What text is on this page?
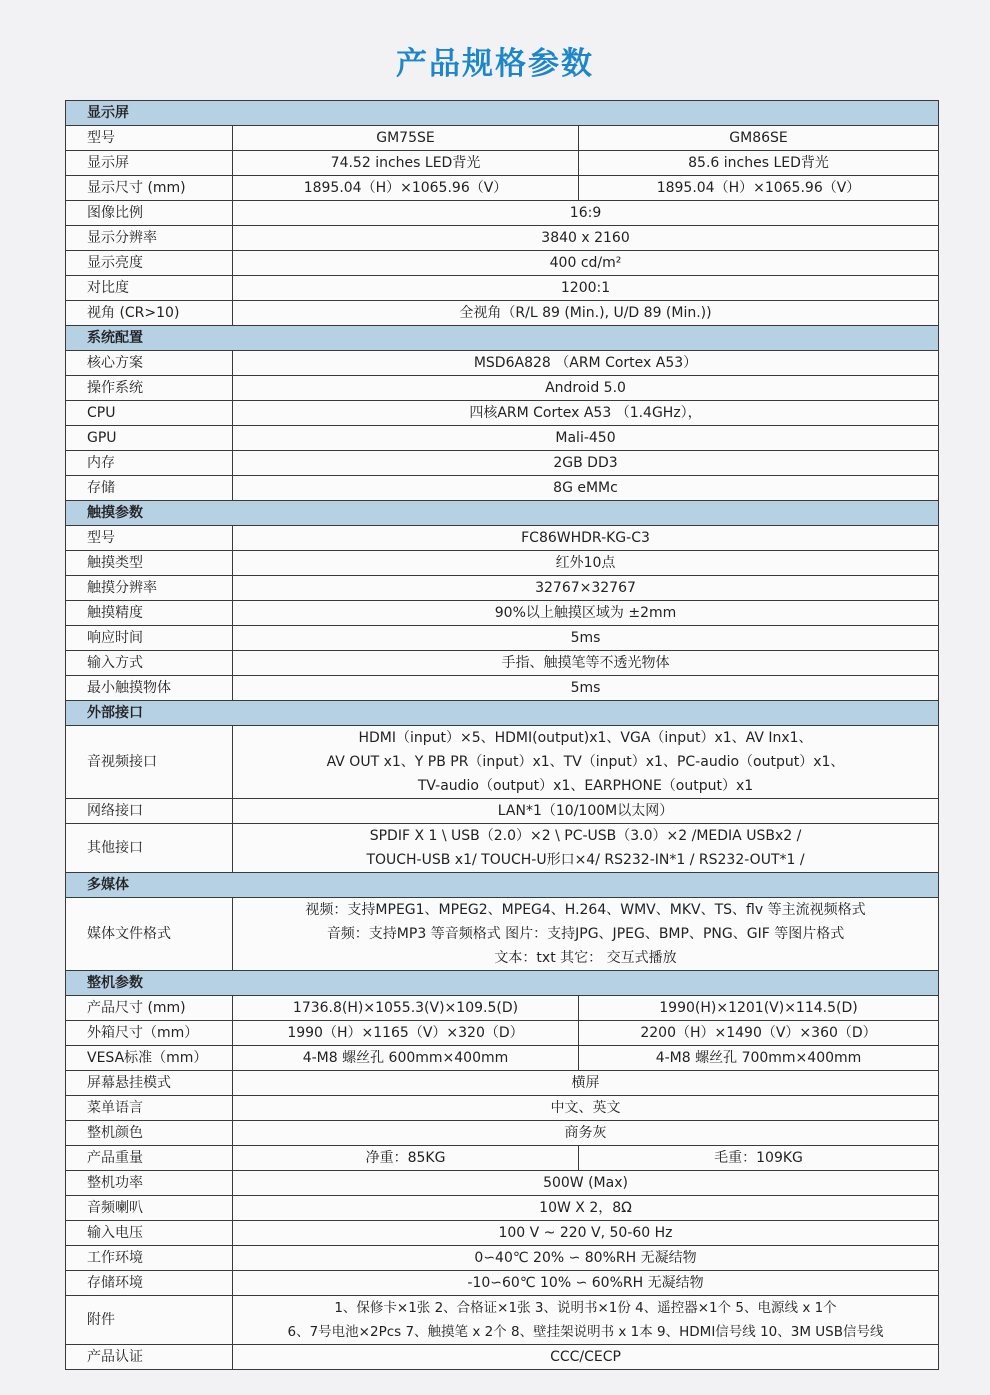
产品规格参数
显示屏		
型号	GM75SE	GM86SE
显示屏	74.52 inches LED背光	85.6 inches LED背光
显示尺寸 (mm)	1895.04（H）×1065.96（V）	1895.04（H）×1065.96（V）
图像比例	16:9	
显示分辨率	3840 x 2160	
显示亮度	400 cd/m²	
对比度	1200:1	
视角 (CR>10)	全视角（R/L 89 (Min.), U/D 89 (Min.))	
系统配置		
核心方案	MSD6A828 （ARM Cortex A53）	
操作系统	Android 5.0	
CPU	四核ARM Cortex A53 （1.4GHz），	
GPU	Mali-450	
内存	2GB DD3	
存储	8G eMMc	
触摸参数		
型号	FC86WHDR-KG-C3	
触摸类型	红外10点	
触摸分辨率	32767×32767	
触摸精度	90%以上触摸区域为 ±2mm	
响应时间	5ms	
输入方式	手指、触摸笔等不透光物体	
最小触摸物体	5ms	
外部接口		
音视频接口	HDMI（input）×5、HDMI(output)x1、VGA（input）x1、AV Inx1、
AV OUT x1、Y PB PR（input）x1、TV（input）x1、PC-audio（output）x1、
TV-audio（output）x1、EARPHONE（output）x1	

网络接口	LAN*1（10/100M以太网）	
其他接口	SPDIF X 1 \ USB（2.0）×2 \ PC-USB（3.0）×2 /MEDIA USBx2 /
TOUCH-USB x1/ TOUCH-U形口×4/ RS232-IN*1 / RS232-OUT*1 /	

多媒体		
媒体文件格式	视频：支持MPEG1、MPEG2、MPEG4、H.264、WMV、MKV、TS、flv 等主流视频格式
音频：支持MP3 等音频格式 图片：支持JPG、JPEG、BMP、PNG、GIF 等图片格式
文本：txt 其它： 交互式播放	

整机参数		
产品尺寸 (mm)	1736.8(H)×1055.3(V)×109.5(D)	1990(H)×1201(V)×114.5(D)
外箱尺寸（mm）	1990（H）×1165（V）×320（D）	2200（H）×1490（V）×360（D）
VESA标准（mm）	4-M8 螺丝孔 600mm×400mm	4-M8 螺丝孔 700mm×400mm
屏幕悬挂模式	横屏	
菜单语言	中文、英文	
整机颜色	商务灰	
产品重量	净重：85KG	毛重：109KG
整机功率	500W (Max)	
音频喇叭	10W X 2，8Ω	
输入电压	100 V ~ 220 V, 50-60 Hz	
工作环境	0∽40℃ 20% ∽ 80%RH 无凝结物	
存储环境	-10∽60℃ 10% ∽ 60%RH 无凝结物	
附件	1、保修卡×1张 2、合格证×1张 3、说明书×1份 4、遥控器×1个 5、电源线 x 1个
6、7号电池×2Pcs 7、触摸笔 x 2个 8、壁挂架说明书 x 1本 9、HDMI信号线 10、3M USB信号线	

产品认证	CCC/CECP	
